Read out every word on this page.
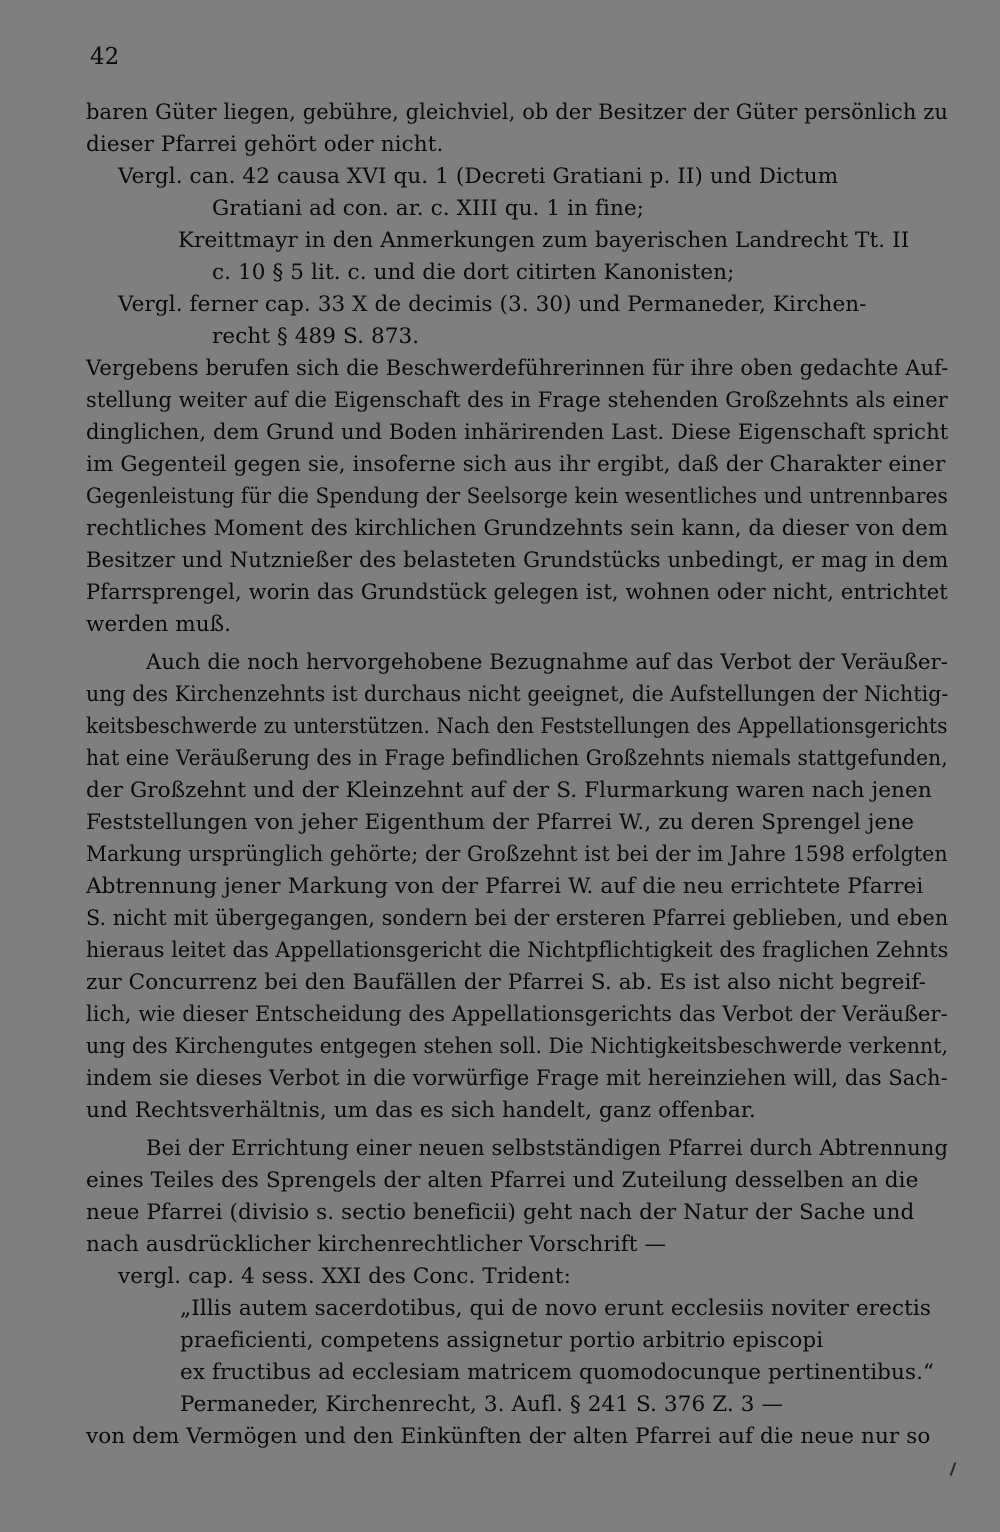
42
baren Güter liegen, gebühre, gleichviel, ob der Besitzer der Güter persönlich zu
dieser Pfarrei gehört oder nicht.
Vergl. can. 42 causa XVI qu. 1 (Decreti Gratiani p. II) und Dictum
Gratiani ad con. ar. c. XIII qu. 1 in fine;
Kreittmayr in den Anmerkungen zum bayerischen Landrecht Tt. II
c. 10 § 5 lit. c. und die dort citirten Kanonisten;
Vergl. ferner cap. 33 X de decimis (3. 30) und Permaneder, Kirchen-
recht § 489 S. 873.
Vergebens berufen sich die Beschwerdeführerinnen für ihre oben gedachte Auf-
stellung weiter auf die Eigenschaft des in Frage stehenden Großzehnts als einer
dinglichen, dem Grund und Boden inhärirenden Last. Diese Eigenschaft spricht
im Gegenteil gegen sie, insoferne sich aus ihr ergibt, daß der Charakter einer
Gegenleistung für die Spendung der Seelsorge kein wesentliches und untrennbares
rechtliches Moment des kirchlichen Grundzehnts sein kann, da dieser von dem
Besitzer und Nutznießer des belasteten Grundstücks unbedingt, er mag in dem
Pfarrsprengel, worin das Grundstück gelegen ist, wohnen oder nicht, entrichtet
werden muß.
Auch die noch hervorgehobene Bezugnahme auf das Verbot der Veräußer-
ung des Kirchenzehnts ist durchaus nicht geeignet, die Aufstellungen der Nichtig-
keitsbeschwerde zu unterstützen. Nach den Feststellungen des Appellationsgerichts
hat eine Veräußerung des in Frage befindlichen Großzehnts niemals stattgefunden,
der Großzehnt und der Kleinzehnt auf der S. Flurmarkung waren nach jenen
Feststellungen von jeher Eigenthum der Pfarrei W., zu deren Sprengel jene
Markung ursprünglich gehörte; der Großzehnt ist bei der im Jahre 1598 erfolgten
Abtrennung jener Markung von der Pfarrei W. auf die neu errichtete Pfarrei
S. nicht mit übergegangen, sondern bei der ersteren Pfarrei geblieben, und eben
hieraus leitet das Appellationsgericht die Nichtpflichtigkeit des fraglichen Zehnts
zur Concurrenz bei den Baufällen der Pfarrei S. ab. Es ist also nicht begreif-
lich, wie dieser Entscheidung des Appellationsgerichts das Verbot der Veräußer-
ung des Kirchengutes entgegen stehen soll. Die Nichtigkeitsbeschwerde verkennt,
indem sie dieses Verbot in die vorwürfige Frage mit hereinziehen will, das Sach-
und Rechtsverhältnis, um das es sich handelt, ganz offenbar.
Bei der Errichtung einer neuen selbstständigen Pfarrei durch Abtrennung
eines Teiles des Sprengels der alten Pfarrei und Zuteilung desselben an die
neue Pfarrei (divisio s. sectio beneficii) geht nach der Natur der Sache und
nach ausdrücklicher kirchenrechtlicher Vorschrift —
vergl. cap. 4 sess. XXI des Conc. Trident:
„Illis autem sacerdotibus, qui de novo erunt ecclesiis noviter erectis
praeficienti, competens assignetur portio arbitrio episcopi
ex fructibus ad ecclesiam matricem quomodocunque pertinentibus.“
Permaneder, Kirchenrecht, 3. Aufl. § 241 S. 376 Z. 3 —
von dem Vermögen und den Einkünften der alten Pfarrei auf die neue nur so
